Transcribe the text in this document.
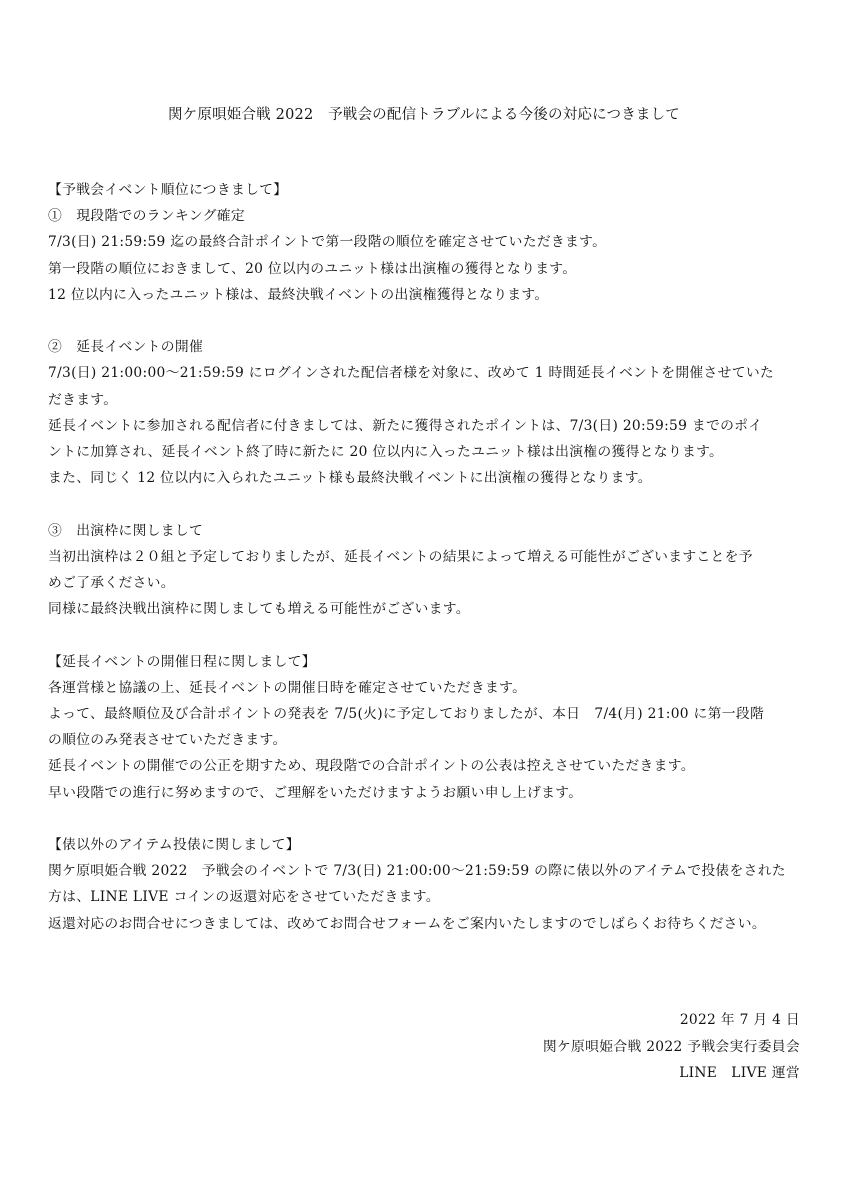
関ケ原唄姫合戦 2022　予戦会の配信トラブルによる今後の対応につきまして
【予戦会イベント順位につきまして】
①　現段階でのランキング確定
7/3(日) 21:59:59 迄の最終合計ポイントで第一段階の順位を確定させていただきます。
第一段階の順位におきまして、20 位以内のユニット様は出演権の獲得となります。
12 位以内に入ったユニット様は、最終決戦イベントの出演権獲得となります。
②　延長イベントの開催
7/3(日) 21:00:00〜21:59:59 にログインされた配信者様を対象に、改めて 1 時間延長イベントを開催させていた
だきます。
延長イベントに参加される配信者に付きましては、新たに獲得されたポイントは、7/3(日) 20:59:59 までのポイ
ントに加算され、延長イベント終了時に新たに 20 位以内に入ったユニット様は出演権の獲得となります。
また、同じく 12 位以内に入られたユニット様も最終決戦イベントに出演権の獲得となります。
③　出演枠に関しまして
当初出演枠は２０組と予定しておりましたが、延長イベントの結果によって増える可能性がございますことを予
めご了承ください。
同様に最終決戦出演枠に関しましても増える可能性がございます。
【延長イベントの開催日程に関しまして】
各運営様と協議の上、延長イベントの開催日時を確定させていただきます。
よって、最終順位及び合計ポイントの発表を 7/5(火)に予定しておりましたが、本日　7/4(月) 21:00 に第一段階
の順位のみ発表させていただきます。
延長イベントの開催での公正を期すため、現段階での合計ポイントの公表は控えさせていただきます。
早い段階での進行に努めますので、ご理解をいただけますようお願い申し上げます。
【俵以外のアイテム投俵に関しまして】
関ケ原唄姫合戦 2022　予戦会のイベントで 7/3(日) 21:00:00〜21:59:59 の際に俵以外のアイテムで投俵をされた
方は、LINE LIVE コインの返還対応をさせていただきます。
返還対応のお問合せにつきましては、改めてお問合せフォームをご案内いたしますのでしばらくお待ちください。
2022 年 7 月 4 日
関ケ原唄姫合戦 2022 予戦会実行委員会
LINE　LIVE 運営
